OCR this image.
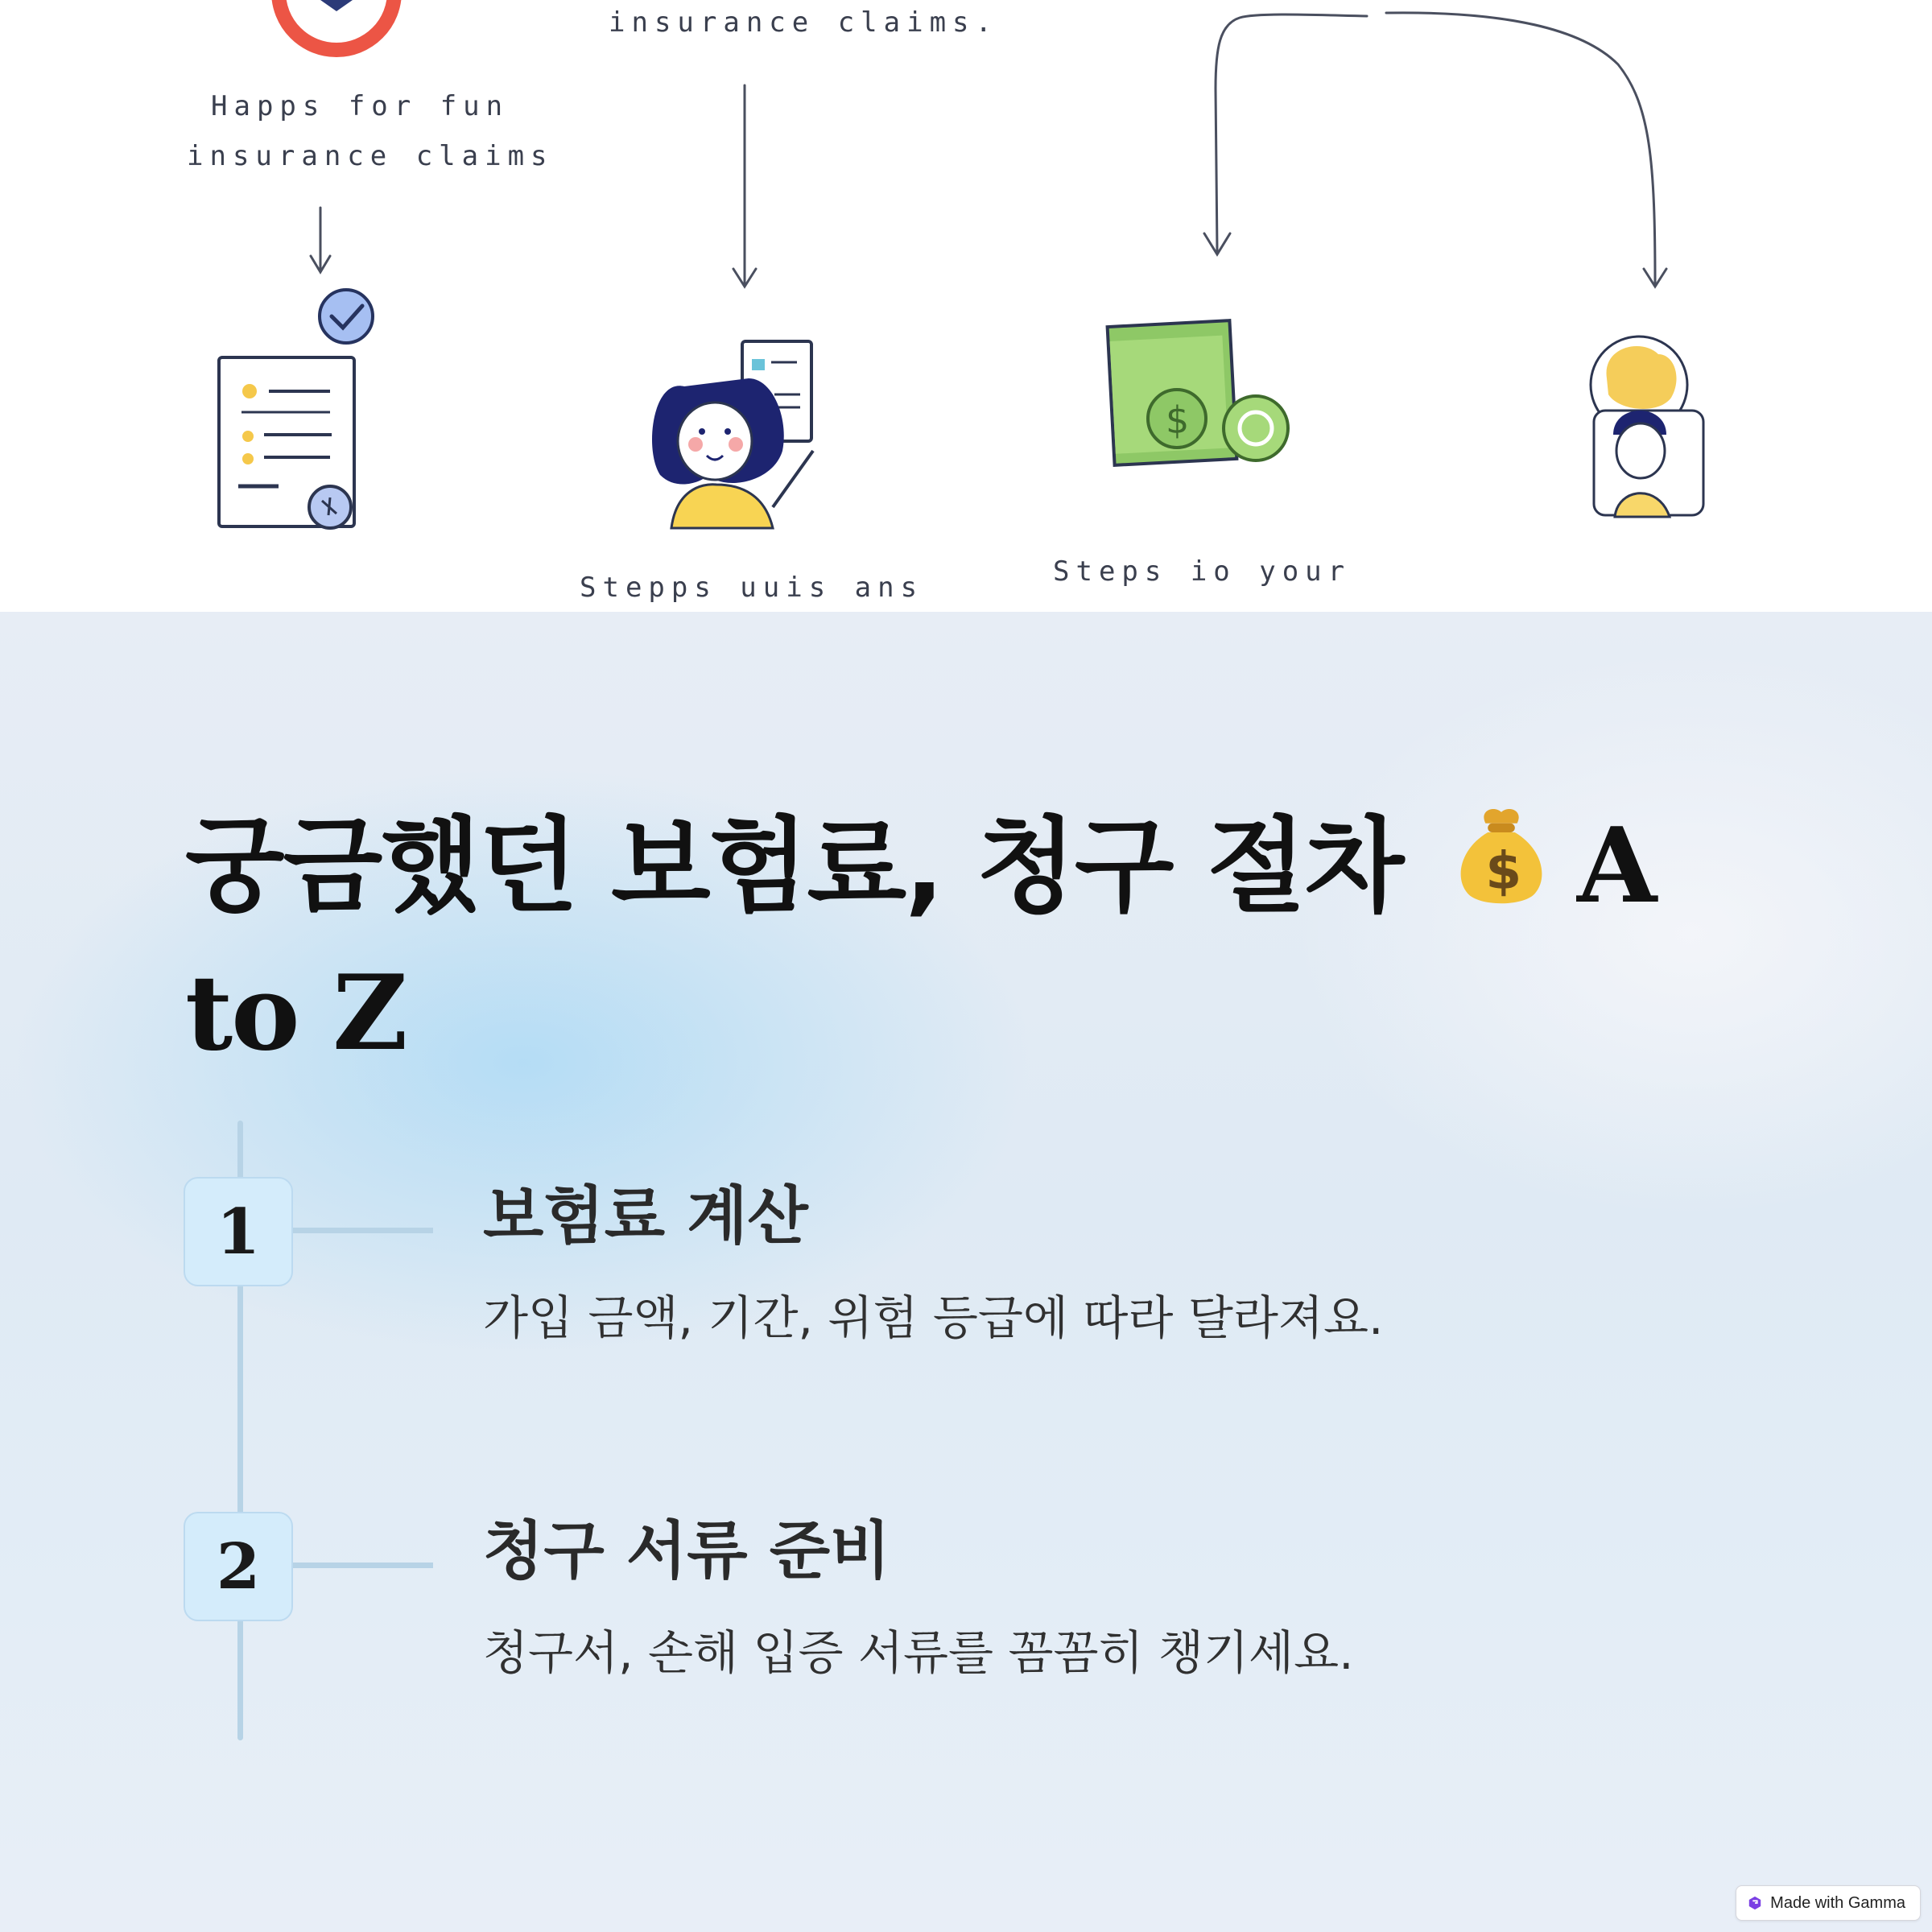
$
Happs for fun
insurance claims
insurance claims.
Stepps uuis ans	Steps io your
궁금했던 보험료, 청구 절차 $ A to Z
1	보험료 계산
가입 금액, 기간, 위험 등급에 따라 달라져요.
2	청구 서류 준비
청구서, 손해 입증 서류를 꼼꼼히 챙기세요.
Made with Gamma
